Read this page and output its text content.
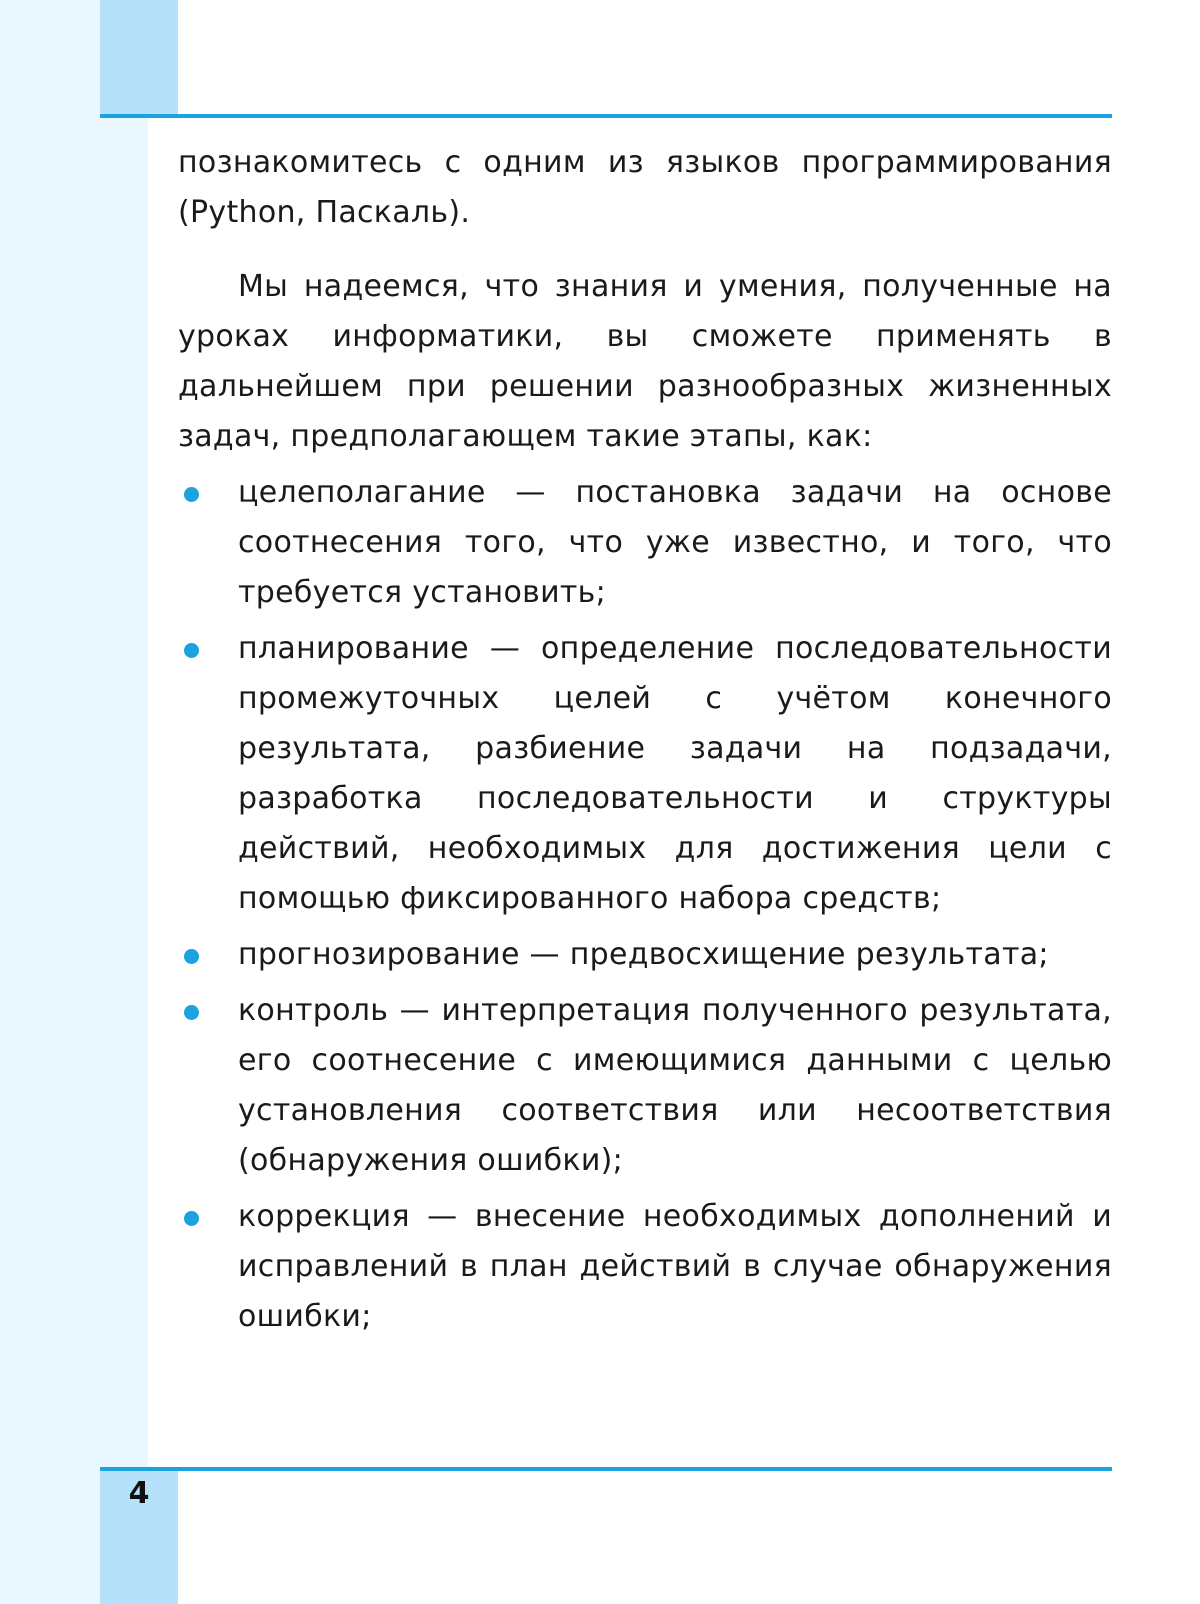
4

познакомитесь с одним из языков программирования (Python, Паскаль).

Мы надеемся, что знания и умения, полученные на уроках информатики, вы сможете применять в дальнейшем при решении разнообразных жизненных задач, предполагающем такие этапы, как:

целеполагание — постановка задачи на основе соотнесения того, что уже известно, и того, что требуется установить;
планирование — определение последовательности промежуточных целей с учётом конечного результата, разбиение задачи на подзадачи, разработка последовательности и структуры действий, необходимых для достижения цели с помощью фиксированного набора средств;
прогнозирование — предвосхищение результата;
контроль — интерпретация полученного результата, его соотнесение с имеющимися данными с целью установления соответствия или несоответствия (обнаружения ошибки);
коррекция — внесение необходимых дополнений и исправлений в план действий в случае обнаружения ошибки;
